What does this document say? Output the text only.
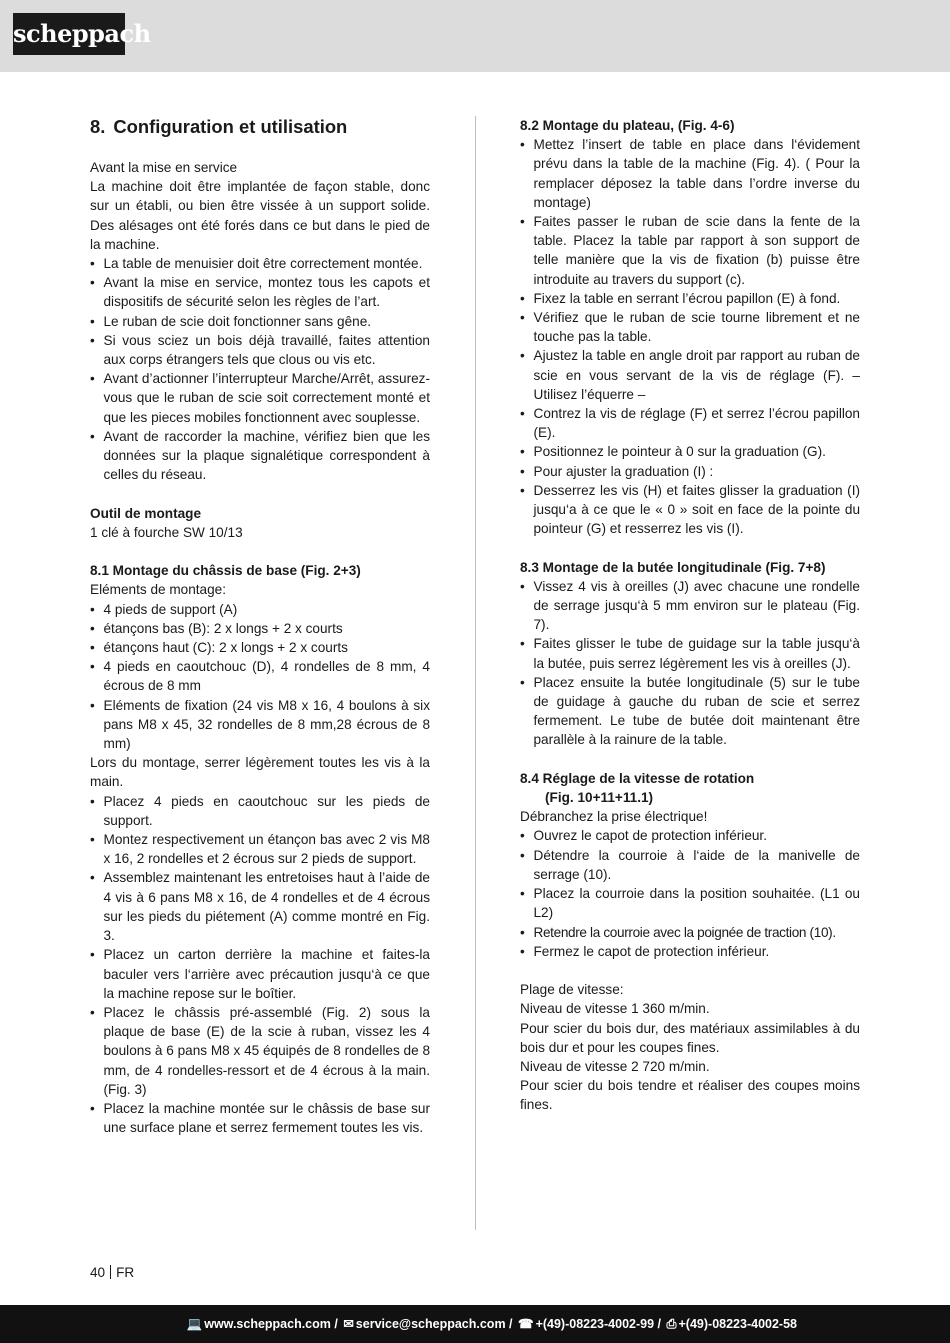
scheppach
8. Configuration et utilisation

Avant la mise en service

La machine doit être implantée de façon stable, donc sur un établi, ou bien être vissée à un support solide. Des alésages ont été forés dans ce but dans le pied de la machine.

• La table de menuisier doit être correctement montée.
• Avant la mise en service, montez tous les capots et dispositifs de sécurité selon les règles de l’art.
• Le ruban de scie doit fonctionner sans gêne.
• Si vous sciez un bois déjà travaillé, faites attention aux corps étrangers tels que clous ou vis etc.
• Avant d’actionner l’interrupteur Marche/Arrêt, assurez-vous que le ruban de scie soit correctement monté et que les pieces mobiles fonctionnent avec souplesse.
• Avant de raccorder la machine, vérifiez bien que les données sur la plaque signalétique correspondent à celles du réseau.

Outil de montage

1 clé à fourche SW 10/13

8.1 Montage du châssis de base (Fig. 2+3)

Eléments de montage:

• 4 pieds de support (A)
• étançons bas (B): 2 x longs + 2 x courts
• étançons haut (C): 2 x longs + 2 x courts
• 4 pieds en caoutchouc (D), 4 rondelles de 8 mm, 4 écrous de 8 mm
• Eléments de fixation (24 vis M8 x 16, 4 boulons à six pans M8 x 45, 32 rondelles de 8 mm,28 écrous de 8 mm)

Lors du montage, serrer légèrement toutes les vis à la main.

• Placez 4 pieds en caoutchouc sur les pieds de support.
• Montez respectivement un étançon bas avec 2 vis M8 x 16, 2 rondelles et 2 écrous sur 2 pieds de support.
• Assemblez maintenant les entretoises haut à l’aide de 4 vis à 6 pans M8 x 16, de 4 rondelles et de 4 écrous sur les pieds du piétement (A) comme montré en Fig. 3.
• Placez un carton derrière la machine et faites-la baculer vers l‘arrière avec précaution jusqu‘à ce que la machine repose sur le boîtier.
• Placez le châssis pré-assemblé (Fig. 2) sous la plaque de base (E) de la scie à ruban, vissez les 4 boulons à 6 pans M8 x 45 équipés de 8 rondelles de 8 mm, de 4 rondelles-ressort et de 4 écrous à la main. (Fig. 3)
• Placez la machine montée sur le châssis de base sur une surface plane et serrez fermement toutes les vis.

8.2 Montage du plateau, (Fig. 4-6)

• Mettez l’insert de table en place dans l‘évidement prévu dans la table de la machine (Fig. 4). ( Pour la remplacer déposez la table dans l’ordre inverse du montage)
• Faites passer le ruban de scie dans la fente de la table. Placez la table par rapport à son support de telle manière que la vis de fixation (b) puisse être introduite au travers du support (c).
• Fixez la table en serrant l’écrou papillon (E) à fond.
• Vérifiez que le ruban de scie tourne librement et ne touche pas la table.
• Ajustez la table en angle droit par rapport au ruban de scie en vous servant de la vis de réglage (F). – Utilisez l’équerre –
• Contrez la vis de réglage (F) et serrez l’écrou papillon (E).
• Positionnez le pointeur à 0 sur la graduation (G).
• Pour ajuster la graduation (I) :
• Desserrez les vis (H) et faites glisser la graduation (I) jusqu‘a à ce que le « 0 » soit en face de la pointe du pointeur (G) et resserrez les vis (I).

8.3 Montage de la butée longitudinale (Fig. 7+8)

• Vissez 4 vis à oreilles (J) avec chacune une rondelle de serrage jusqu‘à 5 mm environ sur le plateau (Fig. 7).
• Faites glisser le tube de guidage sur la table jusqu‘à la butée, puis serrez légèrement les vis à oreilles (J).
• Placez ensuite la butée longitudinale (5) sur le tube de guidage à gauche du ruban de scie et serrez fermement. Le tube de butée doit maintenant être parallèle à la rainure de la table.

8.4 Réglage de la vitesse de rotation

(Fig. 10+11+11.1)

Débranchez la prise électrique!

• Ouvrez le capot de protection inférieur.
• Détendre la courroie à l‘aide de la manivelle de serrage (10).
• Placez la courroie dans la position souhaitée. (L1 ou L2)
• Retendre la courroie avec la poignée de traction (10).
• Fermez le capot de protection inférieur.

Plage de vitesse:

Niveau de vitesse 1 360 m/min.

Pour scier du bois dur, des matériaux assimilables à du bois dur et pour les coupes fines.

Niveau de vitesse 2 720 m/min.

Pour scier du bois tendre et réaliser des coupes moins fines.

40 FR
💻 www.scheppach.com / ✉ service@scheppach.com / ☎ +(49)-08223-4002-99 / ⎙ +(49)-08223-4002-58
